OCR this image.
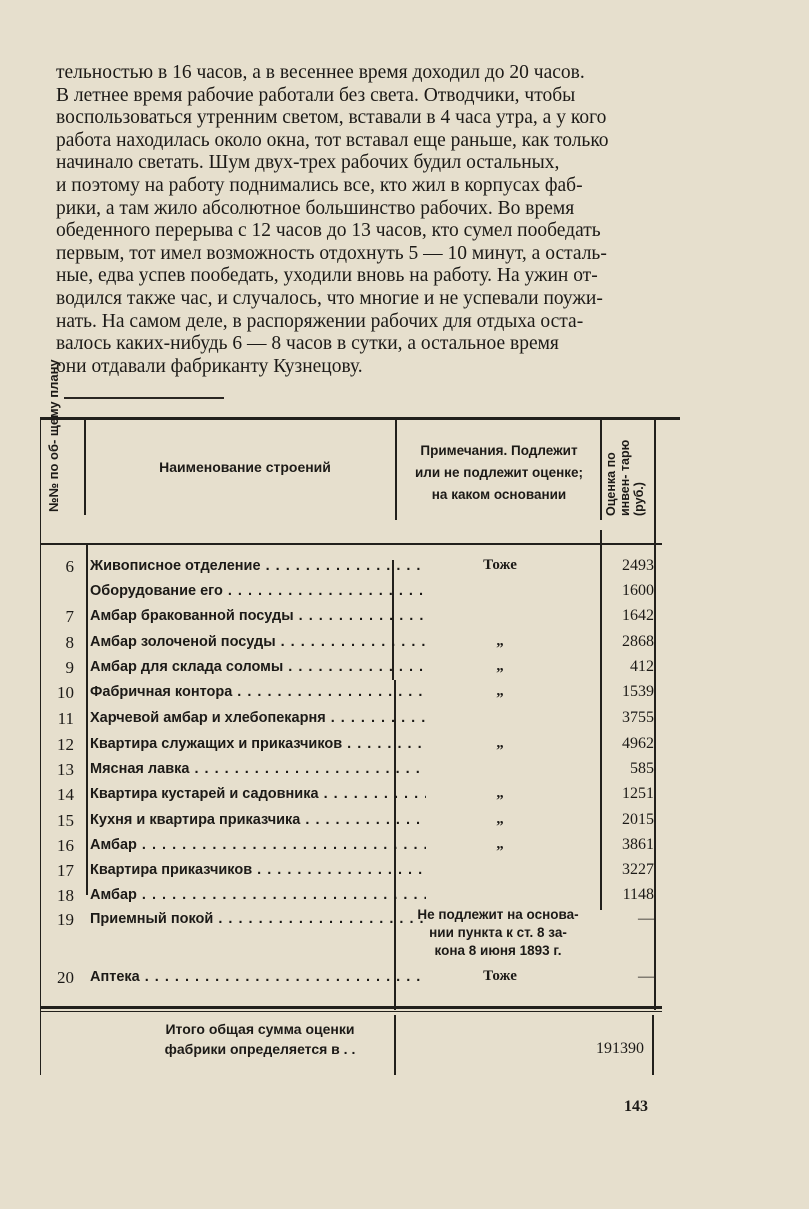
тельностью в 16 часов, а в весеннее время доходил до 20 часов.
В летнее время рабочие работали без света. Отводчики, чтобы
воспользоваться утренним светом, вставали в 4 часа утра, а у кого
работа находилась около окна, тот вставал еще раньше, как только
начинало светать. Шум двух-трех рабочих будил остальных,
и поэтому на работу поднимались все, кто жил в корпусах фаб-
рики, а там жило абсолютное большинство рабочих. Во время
обеденного перерыва с 12 часов до 13 часов, кто сумел пообедать
первым, тот имел возможность отдохнуть 5 — 10 минут, а осталь-
ные, едва успев пообедать, уходили вновь на работу. На ужин от-
водился также час, и случалось, что многие и не успевали поужи-
нать. На самом деле, в распоряжении рабочих для отдыха оста-
валось каких-нибудь 6 — 8 часов в сутки, а остальное время
они отдавали фабриканту Кузнецову.
№№ по об- щему плану	Наименование строений
Примечания. Подлежит
или не подлежит оценке;
на каком основании	Оценка по инвен- тарю (руб.)
6 Живописное отделение . . .	Тоже	2493
Оборудование его . . .	1600
7 Амбар бракованной посуды . . .	1642
8 Амбар золоченой посуды . . .	„	2868
9 Амбар для склада соломы . . .	„	412
10 Фабричная контора . . .	„	1539
11 Харчевой амбар и хлебопекарня . . .	3755
12 Квартира служащих и приказчиков . . .	„	4962
13 Мясная лавка . . .	585
14 Квартира кустарей и садовника . . .	„	1251
15 Кухня и квартира приказчика . . .	„	2015
16 Амбар . . .	„	3861
17 Квартира приказчиков . . .	3227
18 Амбар . . .	1148
19 Приемный покой . . .	—
Не подлежит на основа-
нии пункта к ст. 8 за-
кона 8 июня 1893 г.
20 Аптека . . .	Тоже	—
Итого общая сумма оценки
фабрики определяется в . .	191390
143
